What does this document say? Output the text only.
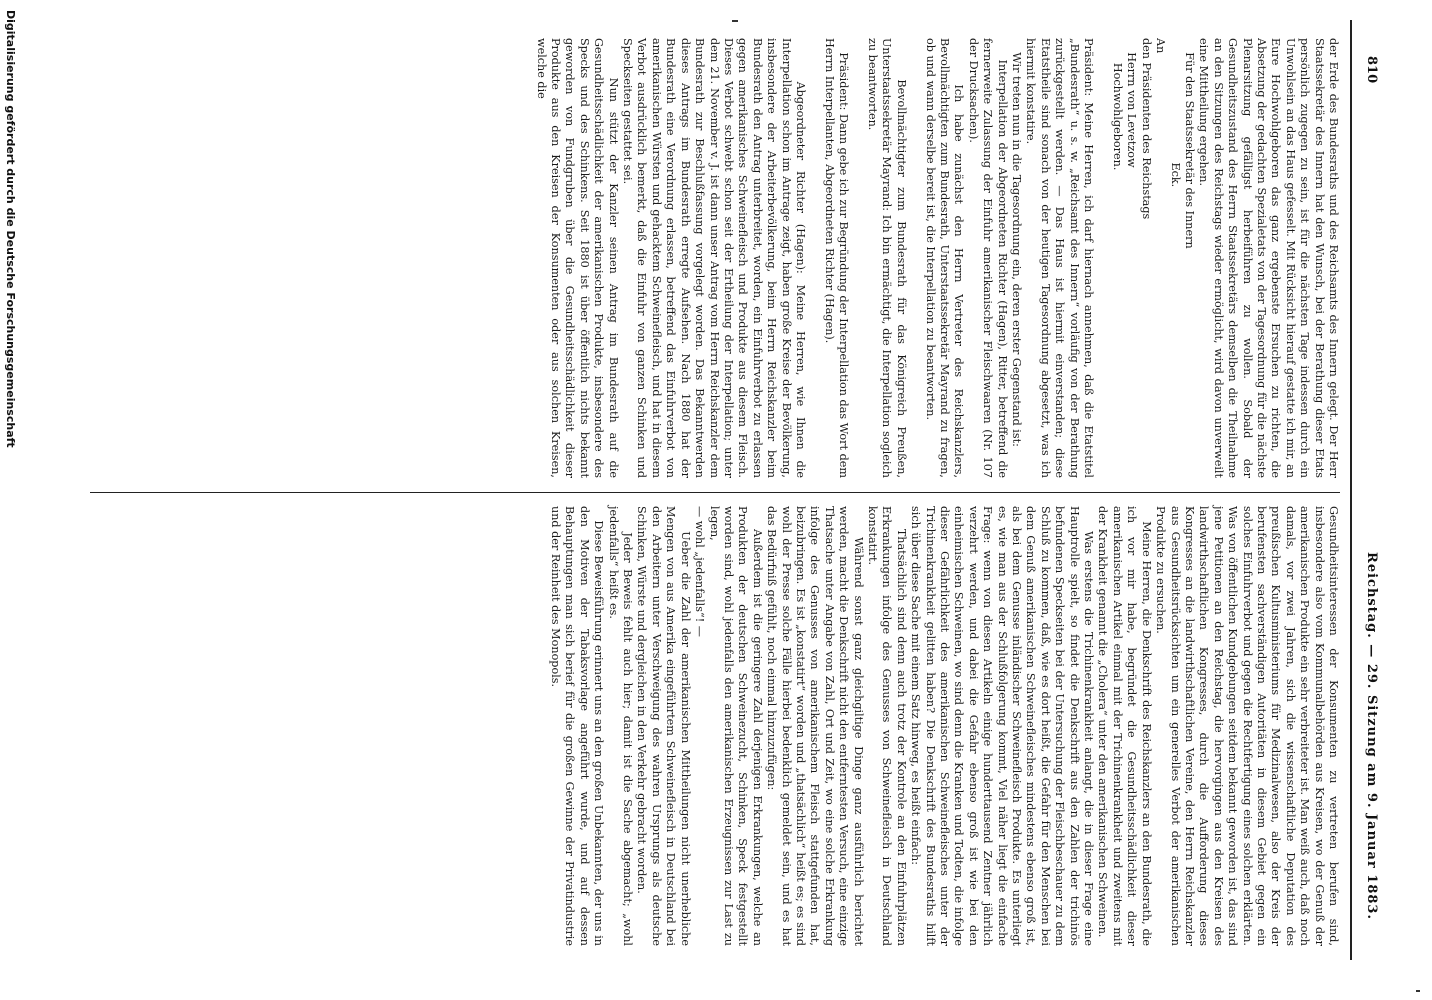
810
Reichstag. — 29. Sitzung am 9. Januar 1883.
der Erde des Bundesraths und des Reichsamts des Innern gelegt. Der Herr Staatssekretär des Innern hat den Wunsch, bei der Berathung dieser Etats persönlich zugegen zu sein, ist für die nächsten Tage indessen durch ein Unwohlsein an das Haus gefesselt. Mit Rücksicht hierauf gestatte ich mir, an Eure Hochwohlgeboren das ganz ergebenste Ersuchen zu richten, die Absetzung der gedachten Spezialetats von der Tagesordnung für die nächste Plenarsitzung gefälligst herbeiführen zu wollen. Sobald der Gesundheitszustand des Herrn Staatssekretärs demselben die Theilnahme an den Sitzungen des Reichstags wieder ermöglicht, wird davon unverweilt eine Mittheilung ergehen.
Für den Staatssekretär des Innern
Eck.
An
den Präsidenten des Reichstags
Herrn von Levetzow
Hochwohlgeboren.

Präsident: Meine Herren, ich darf hiernach annehmen, daß die Etatstitel „Bundesrath“ u. s. w. „Reichsamt des Innern“ vorläufig von der Berathung zurückgestellt werden. — Das Haus ist hiermit einverstanden; diese Etatstheile sind sonach von der heutigen Tagesordnung abgesetzt, was ich hiermit konstatire.
Wir treten nun in die Tagesordnung ein, deren erster Gegenstand ist:
Interpellation der Abgeordneten Richter (Hagen), Ritter, betreffend die fernerweite Zulassung der Einfuhr amerikanischer Fleischwaaren (Nr. 107 der Drucksachen).
Ich habe zunächst den Herrn Vertreter des Reichskanzlers, Bevollmächtigten zum Bundesrath, Unterstaatssekretär Mayrand zu fragen, ob und wann derselbe bereit ist, die Interpellation zu beantworten.

Bevollmächtigter zum Bundesrath für das Königreich Preußen, Unterstaatssekretär Mayrand: Ich bin ermächtigt, die Interpellation sogleich zu beantworten.

Präsident: Dann gebe ich zur Begründung der Interpellation das Wort dem Herrn Interpellanten, Abgeordneten Richter (Hagen).

Abgeordneter Richter (Hagen): Meine Herren, wie Ihnen die Interpellation schon im Antrage zeigt, haben große Kreise der Bevölkerung, insbesondere der Arbeiterbevölkerung, beim Herrn Reichskanzler beim Bundesrath den Antrag unterbreitet, worden, ein Einfuhrverbot zu erlassen gegen amerikanisches Schweinefleisch und Produkte aus diesem Fleisch. Dieses Verbot schwebt schon seit der Ertheilung der Interpellation; unter dem 21. November v. J. ist dann unser Antrag vom Herrn Reichskanzler dem Bundesrath zur Beschlußfassung vorgelegt worden. Das Bekanntwerden dieses Antrags im Bundesrath erregte Aufsehen. Nach 1880 hat der Bundesrath eine Verordnung erlassen, betreffend das Einfuhrverbot von amerikanischen Würsten und gehacktem Schweinefleisch, und hat in diesem Verbot ausdrücklich bemerkt, daß die Einfuhr von ganzen Schinken und Speckseiten gestattet sei.
Nun stützt der Kanzler seinen Antrag im Bundesrath auf die Gesundheitsschädlichkeit der amerikanischen Produkte, insbesondere des Specks und des Schinkens. Seit 1880 ist über öffentlich nichts bekannt geworden von Fundgruben über die Gesundheitsschädlichkeit dieser Produkte aus den Kreisen der Konsumenten oder aus solchen Kreisen, welche die
Gesundheitsinteressen der Konsumenten zu vertreten berufen sind, insbesondere also vom Kommunalbehörden aus Kreisen, wo der Genuß der amerikanischen Produkte ein sehr verbreiteter ist. Man weiß auch, daß noch damals, vor zwei Jahren, sich die wissenschaftliche Deputation des preußischen Kultusministeriums für Medizinalwesen, also der Kreis der berufensten sachverständigen Autoritäten in diesem Gebiet gegen ein solches Einfuhrverbot und gegen die Rechtfertigung eines solchen erklärten. Was von öffentlichen Kundgebungen seitdem bekannt geworden ist, das sind jene Petitionen an den Reichstag, die hervorgingen aus den Kreisen des landwirthschaftlichen Kongresses, durch die Aufforderung dieses Kongresses an die landwirthschaftlichen Vereine, den Herrn Reichskanzler aus Gesundheitsrücksichten um ein generelles Verbot der amerikanischen Produkte zu ersuchen.
Meine Herren, die Denkschrift des Reichskanzlers an den Bundesrath, die ich vor mir habe, begründet die Gesundheitsschädlichkeit dieser amerikanischen Artikel einmal mit der Trichinenkrankheit und zweitens mit der Krankheit genannt die „Cholera“ unter den amerikanischen Schweinen.
Was erstens die Trichinenkrankheit anlangt, die in dieser Frage eine Hauptrolle spielt, so findet die Denkschrift aus den Zahlen der trichinös befundenen Speckseiten bei der Untersuchung der Fleischbeschauer zu dem Schluß zu kommen, daß, wie es dort heißt, die Gefahr für den Menschen bei dem Genuß amerikanischen Schweinefleisches mindestens ebenso groß ist, als bei dem Genusse inländischer Schweinefleisch Produkte. Es unterliegt es, wie man aus der Schlußfolgerung kommt, Viel näher liegt die einfache Frage: wenn von diesen Artikeln einige hunderttausend Zentner jährlich verzehrt werden, und dabei die Gefahr ebenso groß ist wie bei den einheimischen Schweinen, wo sind denn die Kranken und Todten, die infolge dieser Gefährlichkeit des amerikanischen Schweinefleisches unter der Trichinenkrankheit gelitten haben? Die Denkschrift des Bundesraths hilft sich über diese Sache mit einem Satz hinweg, es heißt einfach:
Thatsächlich sind denn auch trotz der Kontrole an den Einfuhrplätzen Erkrankungen infolge des Genusses von Schweinefleisch in Deutschland konstatirt.
Während sonst ganz gleichgiltige Dinge ganz ausführlich berichtet werden, macht die Denkschrift nicht den entferntesten Versuch, eine einzige Thatsache unter Angabe von Zahl, Ort und Zeit, wo eine solche Erkrankung infolge des Genusses von amerikanischem Fleisch stattgefunden hat, beizubringen. Es ist „konstatirt“ worden und „thatsächlich“ heißt es; es sind wohl der Presse solche Fälle hierbei bedenklich gemeldet sein, und es hat das Bedürfniß gefühlt, noch einmal hinzuzufügen:
Außerdem ist die geringere Zahl derjenigen Erkrankungen, welche an Produkten der deutschen Schweinezucht, Schinken, Speck festgestellt worden sind, wohl jedenfalls den amerikanischen Erzeugnissen zur Last zu legen,
— wohl „jedenfalls“! —
Ueber die Zahl der amerikanischen Mittheilungen nicht unerhebliche Mengen von aus Amerika eingeführtem Schweinefleisch in Deutschland bei den Arbeitern unter Verschweigung des wahren Ursprungs als deutsche Schinken, Würste und dergleichen in den Verkehr gebracht worden.
Jeder Beweis fehlt auch hier; damit ist die Sache abgemacht; „wohl jedenfalls“ heißt es.
Diese Beweisführung erinnert uns an den großen Unbekannten, der uns in den Motiven der Tabaksvorlage angeführt wurde, und auf dessen Behauptungen man sich berief für die großen Gewinne der Privatindustrie und der Reinheit des Monopols.
Digitalisierung gefördert durch die Deutsche Forschungsgemeinschaft
